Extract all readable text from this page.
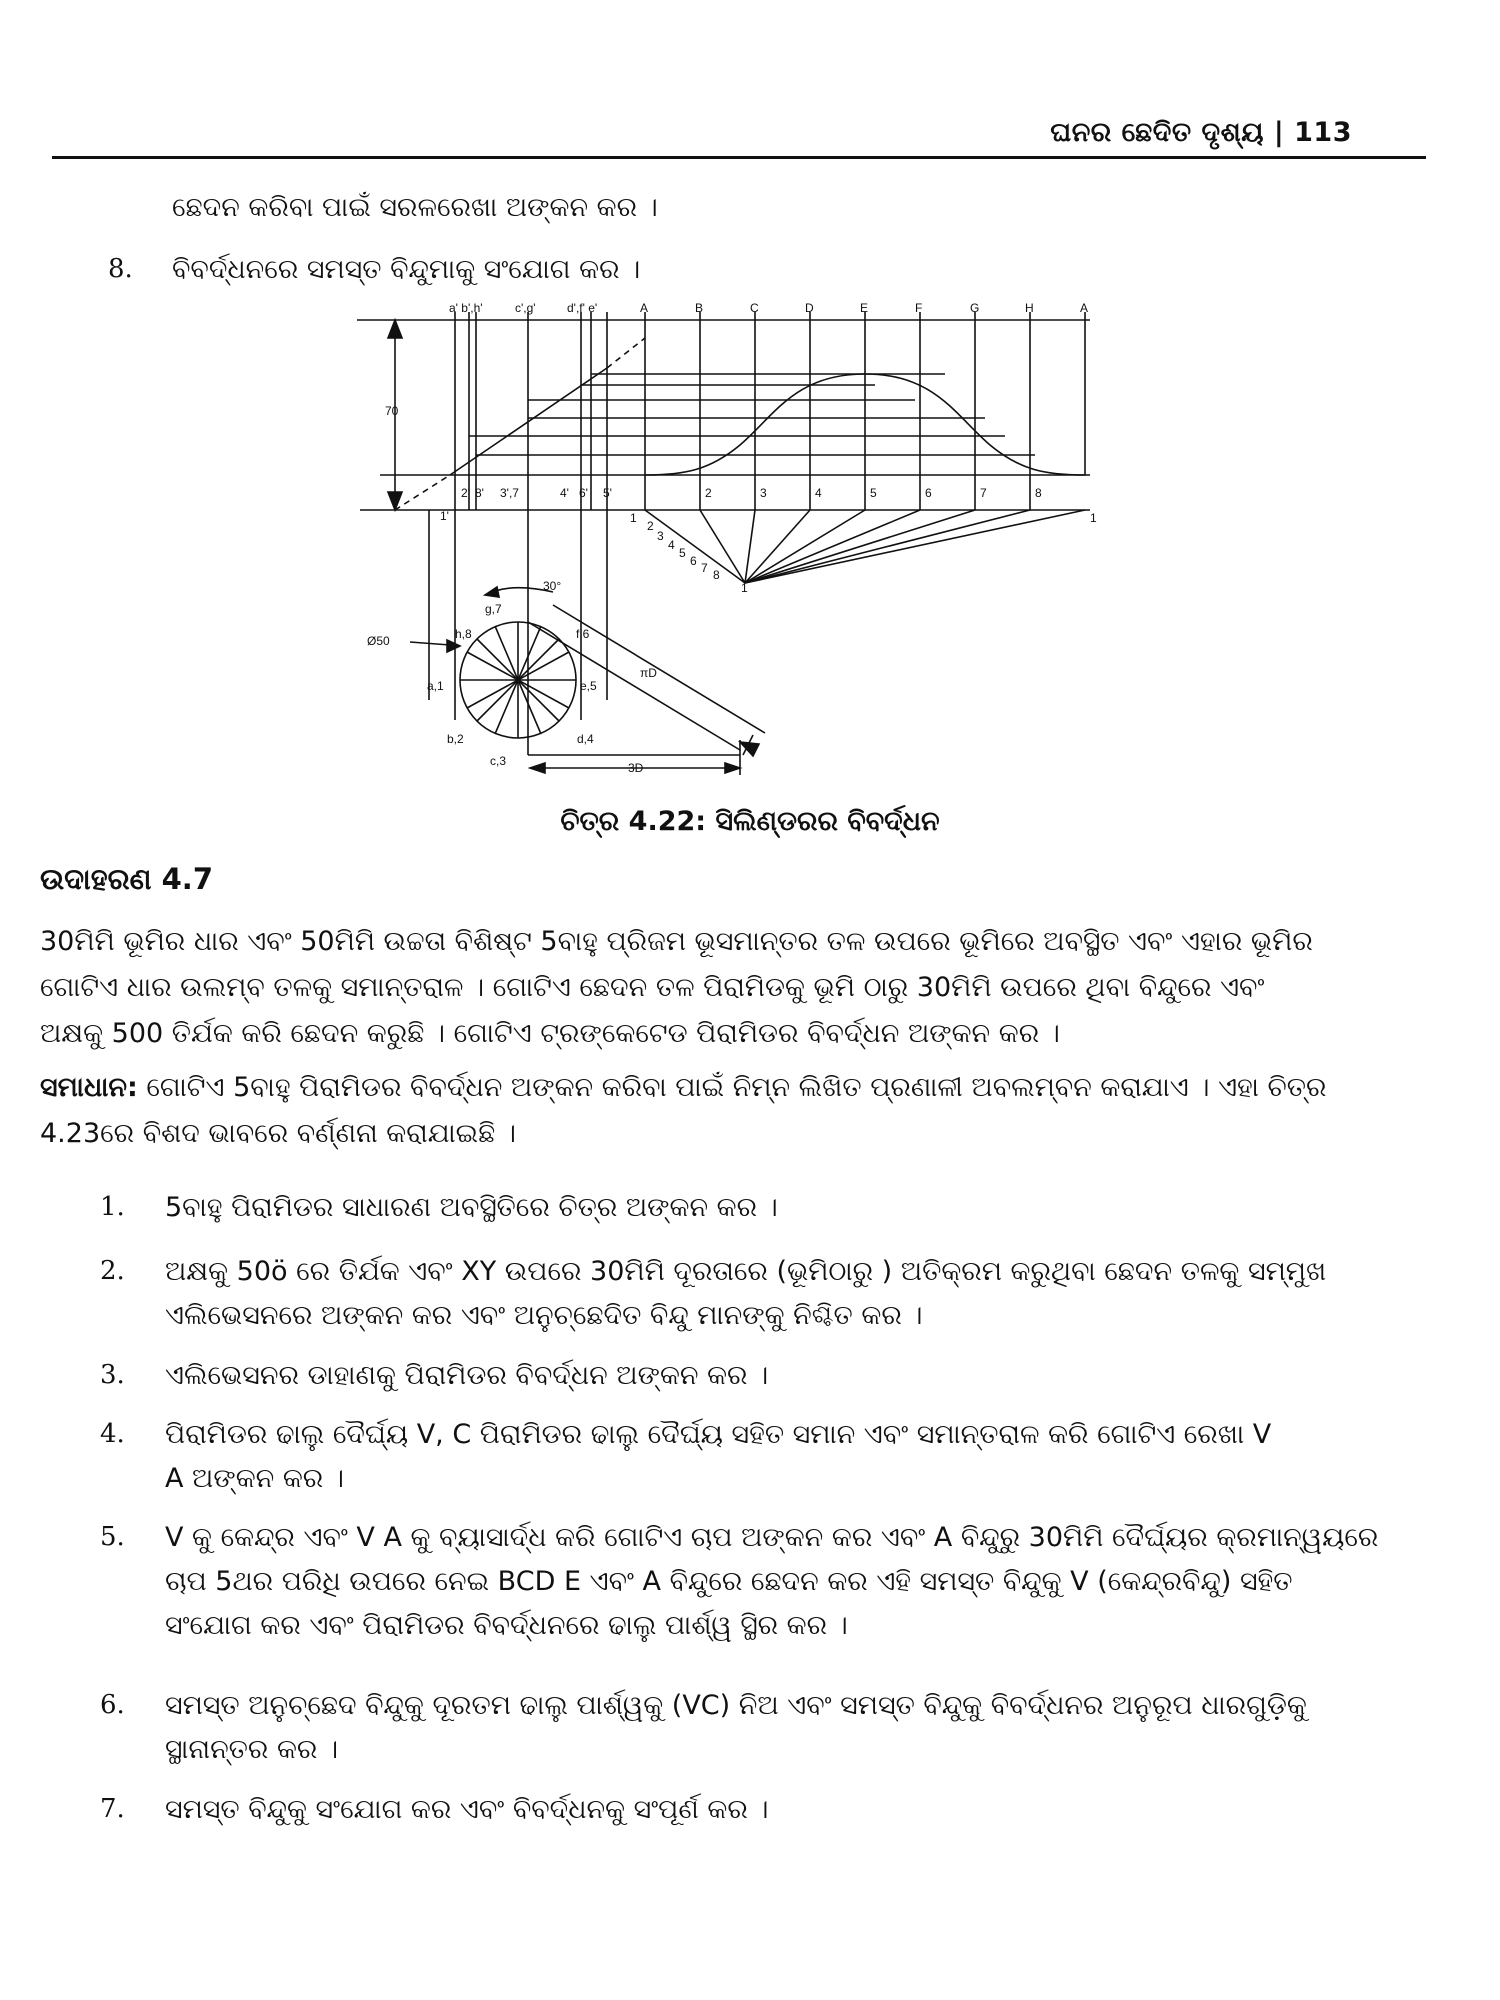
ଘନର ଛେଦିତ ଦୃଶ୍ୟ | 113
ଛେଦନ କରିବା ପାଇଁ ସରଳରେଖା ଅଙ୍କନ କର ।
8. ବିବର୍ଦ୍ଧନରେ ସମସ୍ତ ବିନ୍ଦୁମାକୁ ସଂଯୋଗ କର ।
a' b',h'	c',g'	d',f' e'	A	B	C	D	E	F	G	H	A
70
2' 8' 3',7	4' 6' 5'
1'
2	3	4	5	6	7	8
1
1
2
3
4
5
6 7 8
1
30°
Ø50
g,7
h,8	f,6
a,1	e,5
b,2	d,4
c,3
πD
3D
ଚିତ୍ର 4.22: ସିଲିଣ୍ଡରର ବିବର୍ଦ୍ଧନ
ଉଦାହରଣ 4.7
30ମିମି ଭୂମିର ଧାର ଏବଂ 50ମିମି ଉଚ୍ଚତା ବିଶିଷ୍ଟ 5ବାହୁ ପ୍ରିଜମ ଭୂସମାନ୍ତର ତଳ ଉପରେ ଭୂମିରେ ଅବସ୍ଥିତ ଏବଂ ଏହାର ଭୂମିର
ଗୋଟିଏ ଧାର ଉଲମ୍ବ ତଳକୁ ସମାନ୍ତରାଳ । ଗୋଟିଏ ଛେଦନ ତଳ ପିରାମିଡକୁ ଭୂମି ଠାରୁ 30ମିମି ଉପରେ ଥିବା ବିନ୍ଦୁରେ ଏବଂ
ଅକ୍ଷକୁ 500 ତିର୍ଯକ କରି ଛେଦନ କରୁଛି । ଗୋଟିଏ ଟ୍ରଙ୍କେଟେଡ ପିରାମିଡର ବିବର୍ଦ୍ଧନ ଅଙ୍କନ କର ।
ସମାଧାନ: ଗୋଟିଏ 5ବାହୁ ପିରାମିଡର ବିବର୍ଦ୍ଧନ ଅଙ୍କନ କରିବା ପାଇଁ ନିମ୍ନ ଲିଖିତ ପ୍ରଣାଳୀ ଅବଲମ୍ବନ କରାଯାଏ । ଏହା ଚିତ୍ର
4.23ରେ ବିଶଦ ଭାବରେ ବର୍ଣ୍ଣନା କରାଯାଇଛି ।
1. 5ବାହୁ ପିରାମିଡର ସାଧାରଣ ଅବସ୍ଥିତିରେ ଚିତ୍ର ଅଙ୍କନ କର ।
2. ଅକ୍ଷକୁ 50ö ରେ ତିର୍ଯକ ଏବଂ XY ଉପରେ 30ମିମି ଦୂରତାରେ (ଭୂମିଠାରୁ ) ଅତିକ୍ରମ କରୁଥିବା ଛେଦନ ତଳକୁ ସମ୍ମୁଖ
ଏଲିଭେସନରେ ଅଙ୍କନ କର ଏବଂ ଅନୁଚ୍ଛେଦିତ ବିନ୍ଦୁ ମାନଙ୍କୁ ନିଶ୍ଚିତ କର ।
3. ଏଲିଭେସନର ଡାହାଣକୁ ପିରାମିଡର ବିବର୍ଦ୍ଧନ ଅଙ୍କନ କର ।
4. ପିରାମିଡର ଢାଲୁ ଦୈର୍ଘ୍ୟ V, C ପିରାମିଡର ଢାଲୁ ଦୈର୍ଘ୍ୟ ସହିତ ସମାନ ଏବଂ ସମାନ୍ତରାଳ କରି ଗୋଟିଏ ରେଖା V
A ଅଙ୍କନ କର ।
5. V କୁ କେନ୍ଦ୍ର ଏବଂ V A କୁ ବ୍ୟାସାର୍ଦ୍ଧ କରି ଗୋଟିଏ ଚାପ ଅଙ୍କନ କର ଏବଂ A ବିନ୍ଦୁରୁ 30ମିମି ଦୈର୍ଘ୍ୟର କ୍ରମାନ୍ୱୟରେ
ଚାପ 5ଥର ପରିଧି ଉପରେ ନେଇ BCD E ଏବଂ A ବିନ୍ଦୁରେ ଛେଦନ କର ଏହି ସମସ୍ତ ବିନ୍ଦୁକୁ V (କେନ୍ଦ୍ରବିନ୍ଦୁ) ସହିତ
ସଂଯୋଗ କର ଏବଂ ପିରାମିଡର ବିବର୍ଦ୍ଧନରେ ଢାଲୁ ପାର୍ଶ୍ୱ ସ୍ଥିର କର ।
6. ସମସ୍ତ ଅନୁଚ୍ଛେଦ ବିନ୍ଦୁକୁ ଦୂରତମ ଢାଲୁ ପାର୍ଶ୍ୱକୁ (VC) ନିଅ ଏବଂ ସମସ୍ତ ବିନ୍ଦୁକୁ ବିବର୍ଦ୍ଧନର ଅନୁରୂପ ଧାରଗୁଡ଼ିକୁ
ସ୍ଥାନାନ୍ତର କର ।
7. ସମସ୍ତ ବିନ୍ଦୁକୁ ସଂଯୋଗ କର ଏବଂ ବିବର୍ଦ୍ଧନକୁ ସଂପୂର୍ଣ କର ।
